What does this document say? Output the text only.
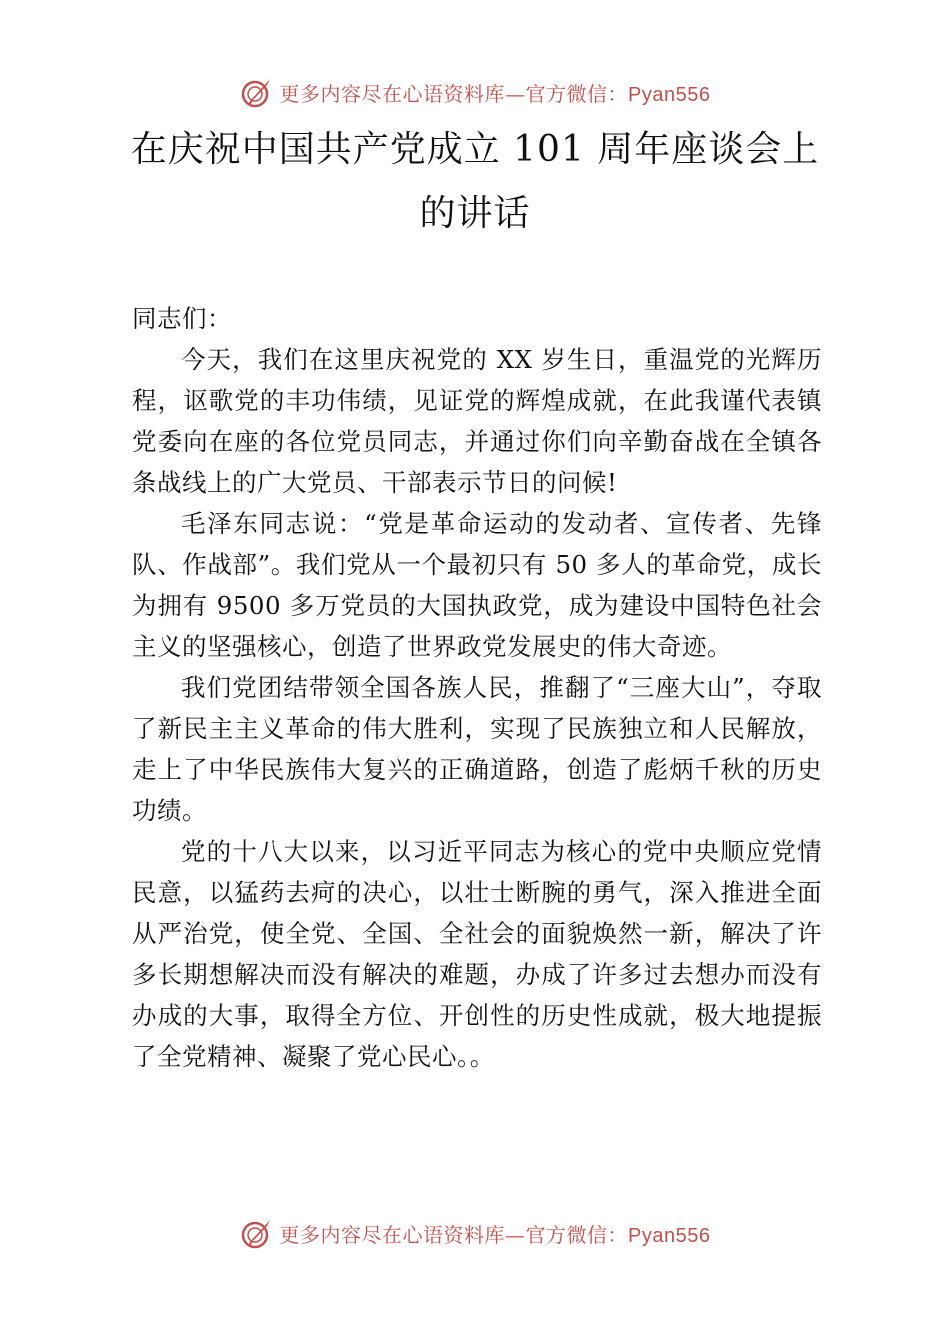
更多内容尽在心语资料库—官方微信：Pyan556
在庆祝中国共产党成立 101 周年座谈会上
的讲话

同志们：

今天，我们在这里庆祝党的 XX 岁生日，重温党的光辉历程，讴歌党的丰功伟绩，见证党的辉煌成就，在此我谨代表镇党委向在座的各位党员同志，并通过你们向辛勤奋战在全镇各条战线上的广大党员、干部表示节日的问候!

毛泽东同志说：“党是革命运动的发动者、宣传者、先锋队、作战部”。我们党从一个最初只有 50 多人的革命党，成长为拥有 9500 多万党员的大国执政党，成为建设中国特色社会主义的坚强核心，创造了世界政党发展史的伟大奇迹。

我们党团结带领全国各族人民，推翻了“三座大山”，夺取了新民主主义革命的伟大胜利，实现了民族独立和人民解放，走上了中华民族伟大复兴的正确道路，创造了彪炳千秋的历史功绩。

党的十八大以来，以习近平同志为核心的党中央顺应党情民意，以猛药去疴的决心，以壮士断腕的勇气，深入推进全面从严治党，使全党、全国、全社会的面貌焕然一新，解决了许多长期想解决而没有解决的难题，办成了许多过去想办而没有办成的大事，取得全方位、开创性的历史性成就，极大地提振了全党精神、凝聚了党心民心。。

更多内容尽在心语资料库—官方微信：Pyan556
